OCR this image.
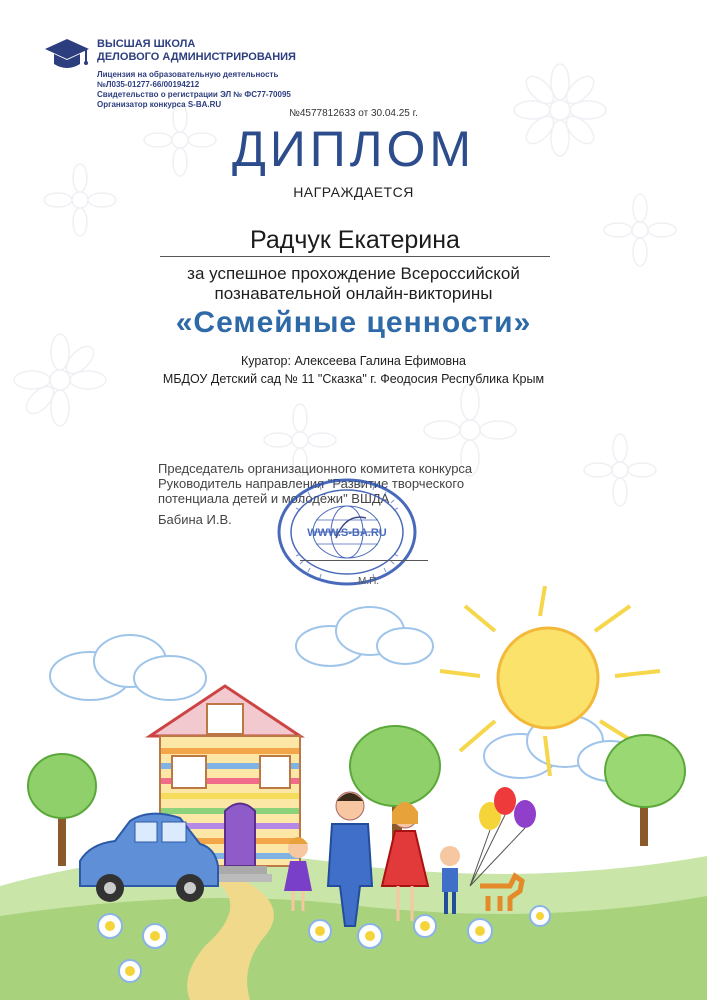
ВЫСШАЯ ШКОЛА
ДЕЛОВОГО АДМИНИСТРИРОВАНИЯ
Лицензия на образовательную деятельность
№Л035-01277-66/00194212
Свидетельство о регистрации ЭЛ № ФС77-70095
Организатор конкурса S-BA.RU
№4577812633 от 30.04.25 г.
ДИПЛОМ
НАГРАЖДАЕТСЯ
Радчук Екатерина
за успешное прохождение Всероссийской
познавательной онлайн-викторины
«Семейные ценности»
Куратор: Алексеева Галина Ефимовна
МБДОУ Детский сад № 11 "Сказка" г. Феодосия Республика Крым
Председатель организационного комитета конкурса
Руководитель направления "Развитие творческого
потенциала детей и молодёжи" ВШДА
Бабина И.В.
WWW.S-BA.RU
М.П.
